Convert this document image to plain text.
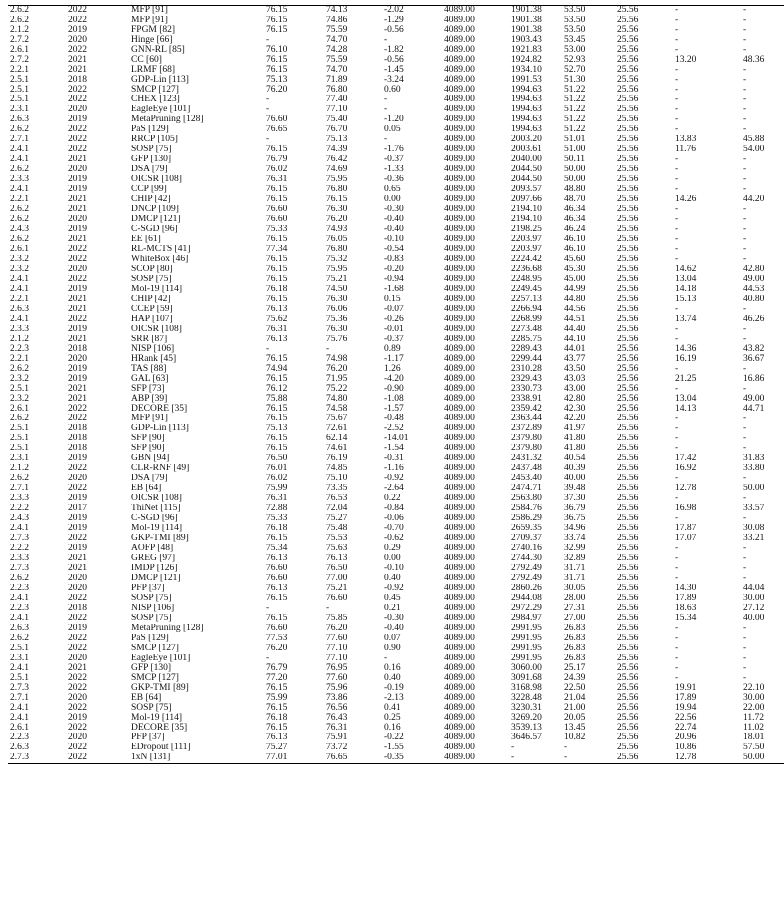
2.6.2	2022	MFP [91]	76.15	74.13	-2.02	4089.00	1901.38	53.50	25.56	-	-
2.6.2	2022	MFP [91]	76.15	74.86	-1.29	4089.00	1901.38	53.50	25.56	-	-
2.1.2	2019	FPGM [82]	76.15	75.59	-0.56	4089.00	1901.38	53.50	25.56	-	-
2.7.2	2020	Hinge [66]	-	74.70	-	4089.00	1903.43	53.45	25.56	-	-
2.6.1	2022	GNN-RL [85]	76.10	74.28	-1.82	4089.00	1921.83	53.00	25.56	-	-
2.7.2	2021	CC [60]	76.15	75.59	-0.56	4089.00	1924.82	52.93	25.56	13.20	48.36
2.2.1	2021	LRMF [68]	76.15	74.70	-1.45	4089.00	1934.10	52.70	25.56	-	-
2.5.1	2018	GDP-Lin [113]	75.13	71.89	-3.24	4089.00	1991.53	51.30	25.56	-	-
2.5.1	2022	SMCP [127]	76.20	76.80	0.60	4089.00	1994.63	51.22	25.56	-	-
2.5.1	2022	CHEX [123]	-	77.40	-	4089.00	1994.63	51.22	25.56	-	-
2.3.1	2020	EagleEye [101]	-	77.10	-	4089.00	1994.63	51.22	25.56	-	-
2.6.3	2019	MetaPruning [128]	76.60	75.40	-1.20	4089.00	1994.63	51.22	25.56	-	-
2.6.2	2022	PaS [129]	76.65	76.70	0.05	4089.00	1994.63	51.22	25.56	-	-
2.7.1	2022	RRCP [105]	-	75.13	-	4089.00	2003.20	51.01	25.56	13.83	45.88
2.4.1	2022	SOSP [75]	76.15	74.39	-1.76	4089.00	2003.61	51.00	25.56	11.76	54.00
2.4.1	2021	GFP [130]	76.79	76.42	-0.37	4089.00	2040.00	50.11	25.56	-	-
2.6.2	2020	DSA [79]	76.02	74.69	-1.33	4089.00	2044.50	50.00	25.56	-	-
2.3.3	2019	OICSR [108]	76.31	75.95	-0.36	4089.00	2044.50	50.00	25.56	-	-
2.4.1	2019	CCP [99]	76.15	76.80	0.65	4089.00	2093.57	48.80	25.56	-	-
2.2.1	2021	CHIP [42]	76.15	76.15	0.00	4089.00	2097.66	48.70	25.56	14.26	44.20
2.6.2	2021	DNCP [109]	76.60	76.30	-0.30	4089.00	2194.10	46.34	25.56	-	-
2.6.2	2020	DMCP [121]	76.60	76.20	-0.40	4089.00	2194.10	46.34	25.56	-	-
2.4.3	2019	C-SGD [96]	75.33	74.93	-0.40	4089.00	2198.25	46.24	25.56	-	-
2.6.2	2021	EE [61]	76.15	76.05	-0.10	4089.00	2203.97	46.10	25.56	-	-
2.6.1	2022	RL-MCTS [41]	77.34	76.80	-0.54	4089.00	2203.97	46.10	25.56	-	-
2.3.2	2022	WhiteBox [46]	76.15	75.32	-0.83	4089.00	2224.42	45.60	25.56	-	-
2.3.2	2020	SCOP [80]	76.15	75.95	-0.20	4089.00	2236.68	45.30	25.56	14.62	42.80
2.4.1	2022	SOSP [75]	76.15	75.21	-0.94	4089.00	2248.95	45.00	25.56	13.04	49.00
2.4.1	2019	Mol-19 [114]	76.18	74.50	-1.68	4089.00	2249.45	44.99	25.56	14.18	44.53
2.2.1	2021	CHIP [42]	76.15	76.30	0.15	4089.00	2257.13	44.80	25.56	15.13	40.80
2.6.3	2021	CCEP [59]	76.13	76.06	-0.07	4089.00	2266.94	44.56	25.56	-	-
2.4.1	2022	HAP [107]	75.62	75.36	-0.26	4089.00	2268.99	44.51	25.56	13.74	46.26
2.3.3	2019	OICSR [108]	76.31	76.30	-0.01	4089.00	2273.48	44.40	25.56	-	-
2.1.2	2021	SRR [87]	76.13	75.76	-0.37	4089.00	2285.75	44.10	25.56	-	-
2.2.3	2018	NISP [106]	-	-	0.89	4089.00	2289.43	44.01	25.56	14.36	43.82
2.2.1	2020	HRank [45]	76.15	74.98	-1.17	4089.00	2299.44	43.77	25.56	16.19	36.67
2.6.2	2019	TAS [88]	74.94	76.20	1.26	4089.00	2310.28	43.50	25.56	-	-
2.3.2	2019	GAL [63]	76.15	71.95	-4.20	4089.00	2329.43	43.03	25.56	21.25	16.86
2.5.1	2021	SFP [73]	76.12	75.22	-0.90	4089.00	2330.73	43.00	25.56	-	-
2.3.2	2021	ABP [39]	75.88	74.80	-1.08	4089.00	2338.91	42.80	25.56	13.04	49.00
2.6.1	2022	DECORE [35]	76.15	74.58	-1.57	4089.00	2359.42	42.30	25.56	14.13	44.71
2.6.2	2022	MFP [91]	76.15	75.67	-0.48	4089.00	2363.44	42.20	25.56	-	-
2.5.1	2018	GDP-Lin [113]	75.13	72.61	-2.52	4089.00	2372.89	41.97	25.56	-	-
2.5.1	2018	SFP [90]	76.15	62.14	-14.01	4089.00	2379.80	41.80	25.56	-	-
2.5.1	2018	SFP [90]	76.15	74.61	-1.54	4089.00	2379.80	41.80	25.56	-	-
2.3.1	2019	GBN [94]	76.50	76.19	-0.31	4089.00	2431.32	40.54	25.56	17.42	31.83
2.1.2	2022	CLR-RNF [49]	76.01	74.85	-1.16	4089.00	2437.48	40.39	25.56	16.92	33.80
2.6.2	2020	DSA [79]	76.02	75.10	-0.92	4089.00	2453.40	40.00	25.56	-	-
2.7.1	2022	EB [64]	75.99	73.35	-2.64	4089.00	2474.71	39.48	25.56	12.78	50.00
2.3.3	2019	OICSR [108]	76.31	76.53	0.22	4089.00	2563.80	37.30	25.56	-	-
2.2.2	2017	ThiNet [115]	72.88	72.04	-0.84	4089.00	2584.76	36.79	25.56	16.98	33.57
2.4.3	2019	C-SGD [96]	75.33	75.27	-0.06	4089.00	2586.29	36.75	25.56	-	-
2.4.1	2019	Mol-19 [114]	76.18	75.48	-0.70	4089.00	2659.35	34.96	25.56	17.87	30.08
2.7.3	2022	GKP-TMI [89]	76.15	75.53	-0.62	4089.00	2709.37	33.74	25.56	17.07	33.21
2.2.2	2019	AOFP [48]	75.34	75.63	0.29	4089.00	2740.16	32.99	25.56	-	-
2.3.3	2021	GREG [97]	76.13	76.13	0.00	4089.00	2744.30	32.89	25.56	-	-
2.7.3	2021	IMDP [126]	76.60	76.50	-0.10	4089.00	2792.49	31.71	25.56	-	-
2.6.2	2020	DMCP [121]	76.60	77.00	0.40	4089.00	2792.49	31.71	25.56	-	-
2.2.3	2020	PFP [37]	76.13	75.21	-0.92	4089.00	2860.26	30.05	25.56	14.30	44.04
2.4.1	2022	SOSP [75]	76.15	76.60	0.45	4089.00	2944.08	28.00	25.56	17.89	30.00
2.2.3	2018	NISP [106]	-	-	0.21	4089.00	2972.29	27.31	25.56	18.63	27.12
2.4.1	2022	SOSP [75]	76.15	75.85	-0.30	4089.00	2984.97	27.00	25.56	15.34	40.00
2.6.3	2019	MetaPruning [128]	76.60	76.20	-0.40	4089.00	2991.95	26.83	25.56	-	-
2.6.2	2022	PaS [129]	77.53	77.60	0.07	4089.00	2991.95	26.83	25.56	-	-
2.5.1	2022	SMCP [127]	76.20	77.10	0.90	4089.00	2991.95	26.83	25.56	-	-
2.3.1	2020	EagleEye [101]	-	77.10	-	4089.00	2991.95	26.83	25.56	-	-
2.4.1	2021	GFP [130]	76.79	76.95	0.16	4089.00	3060.00	25.17	25.56	-	-
2.5.1	2022	SMCP [127]	77.20	77.60	0.40	4089.00	3091.68	24.39	25.56	-	-
2.7.3	2022	GKP-TMI [89]	76.15	75.96	-0.19	4089.00	3168.98	22.50	25.56	19.91	22.10
2.7.1	2020	EB [64]	75.99	73.86	-2.13	4089.00	3228.48	21.04	25.56	17.89	30.00
2.4.1	2022	SOSP [75]	76.15	76.56	0.41	4089.00	3230.31	21.00	25.56	19.94	22.00
2.4.1	2019	Mol-19 [114]	76.18	76.43	0.25	4089.00	3269.20	20.05	25.56	22.56	11.72
2.6.1	2022	DECORE [35]	76.15	76.31	0.16	4089.00	3539.13	13.45	25.56	22.74	11.02
2.2.3	2020	PFP [37]	76.13	75.91	-0.22	4089.00	3646.57	10.82	25.56	20.96	18.01
2.6.3	2022	EDropout [111]	75.27	73.72	-1.55	4089.00	-	-	25.56	10.86	57.50
2.7.3	2022	1xN [131]	77.01	76.65	-0.35	4089.00	-	-	25.56	12.78	50.00
